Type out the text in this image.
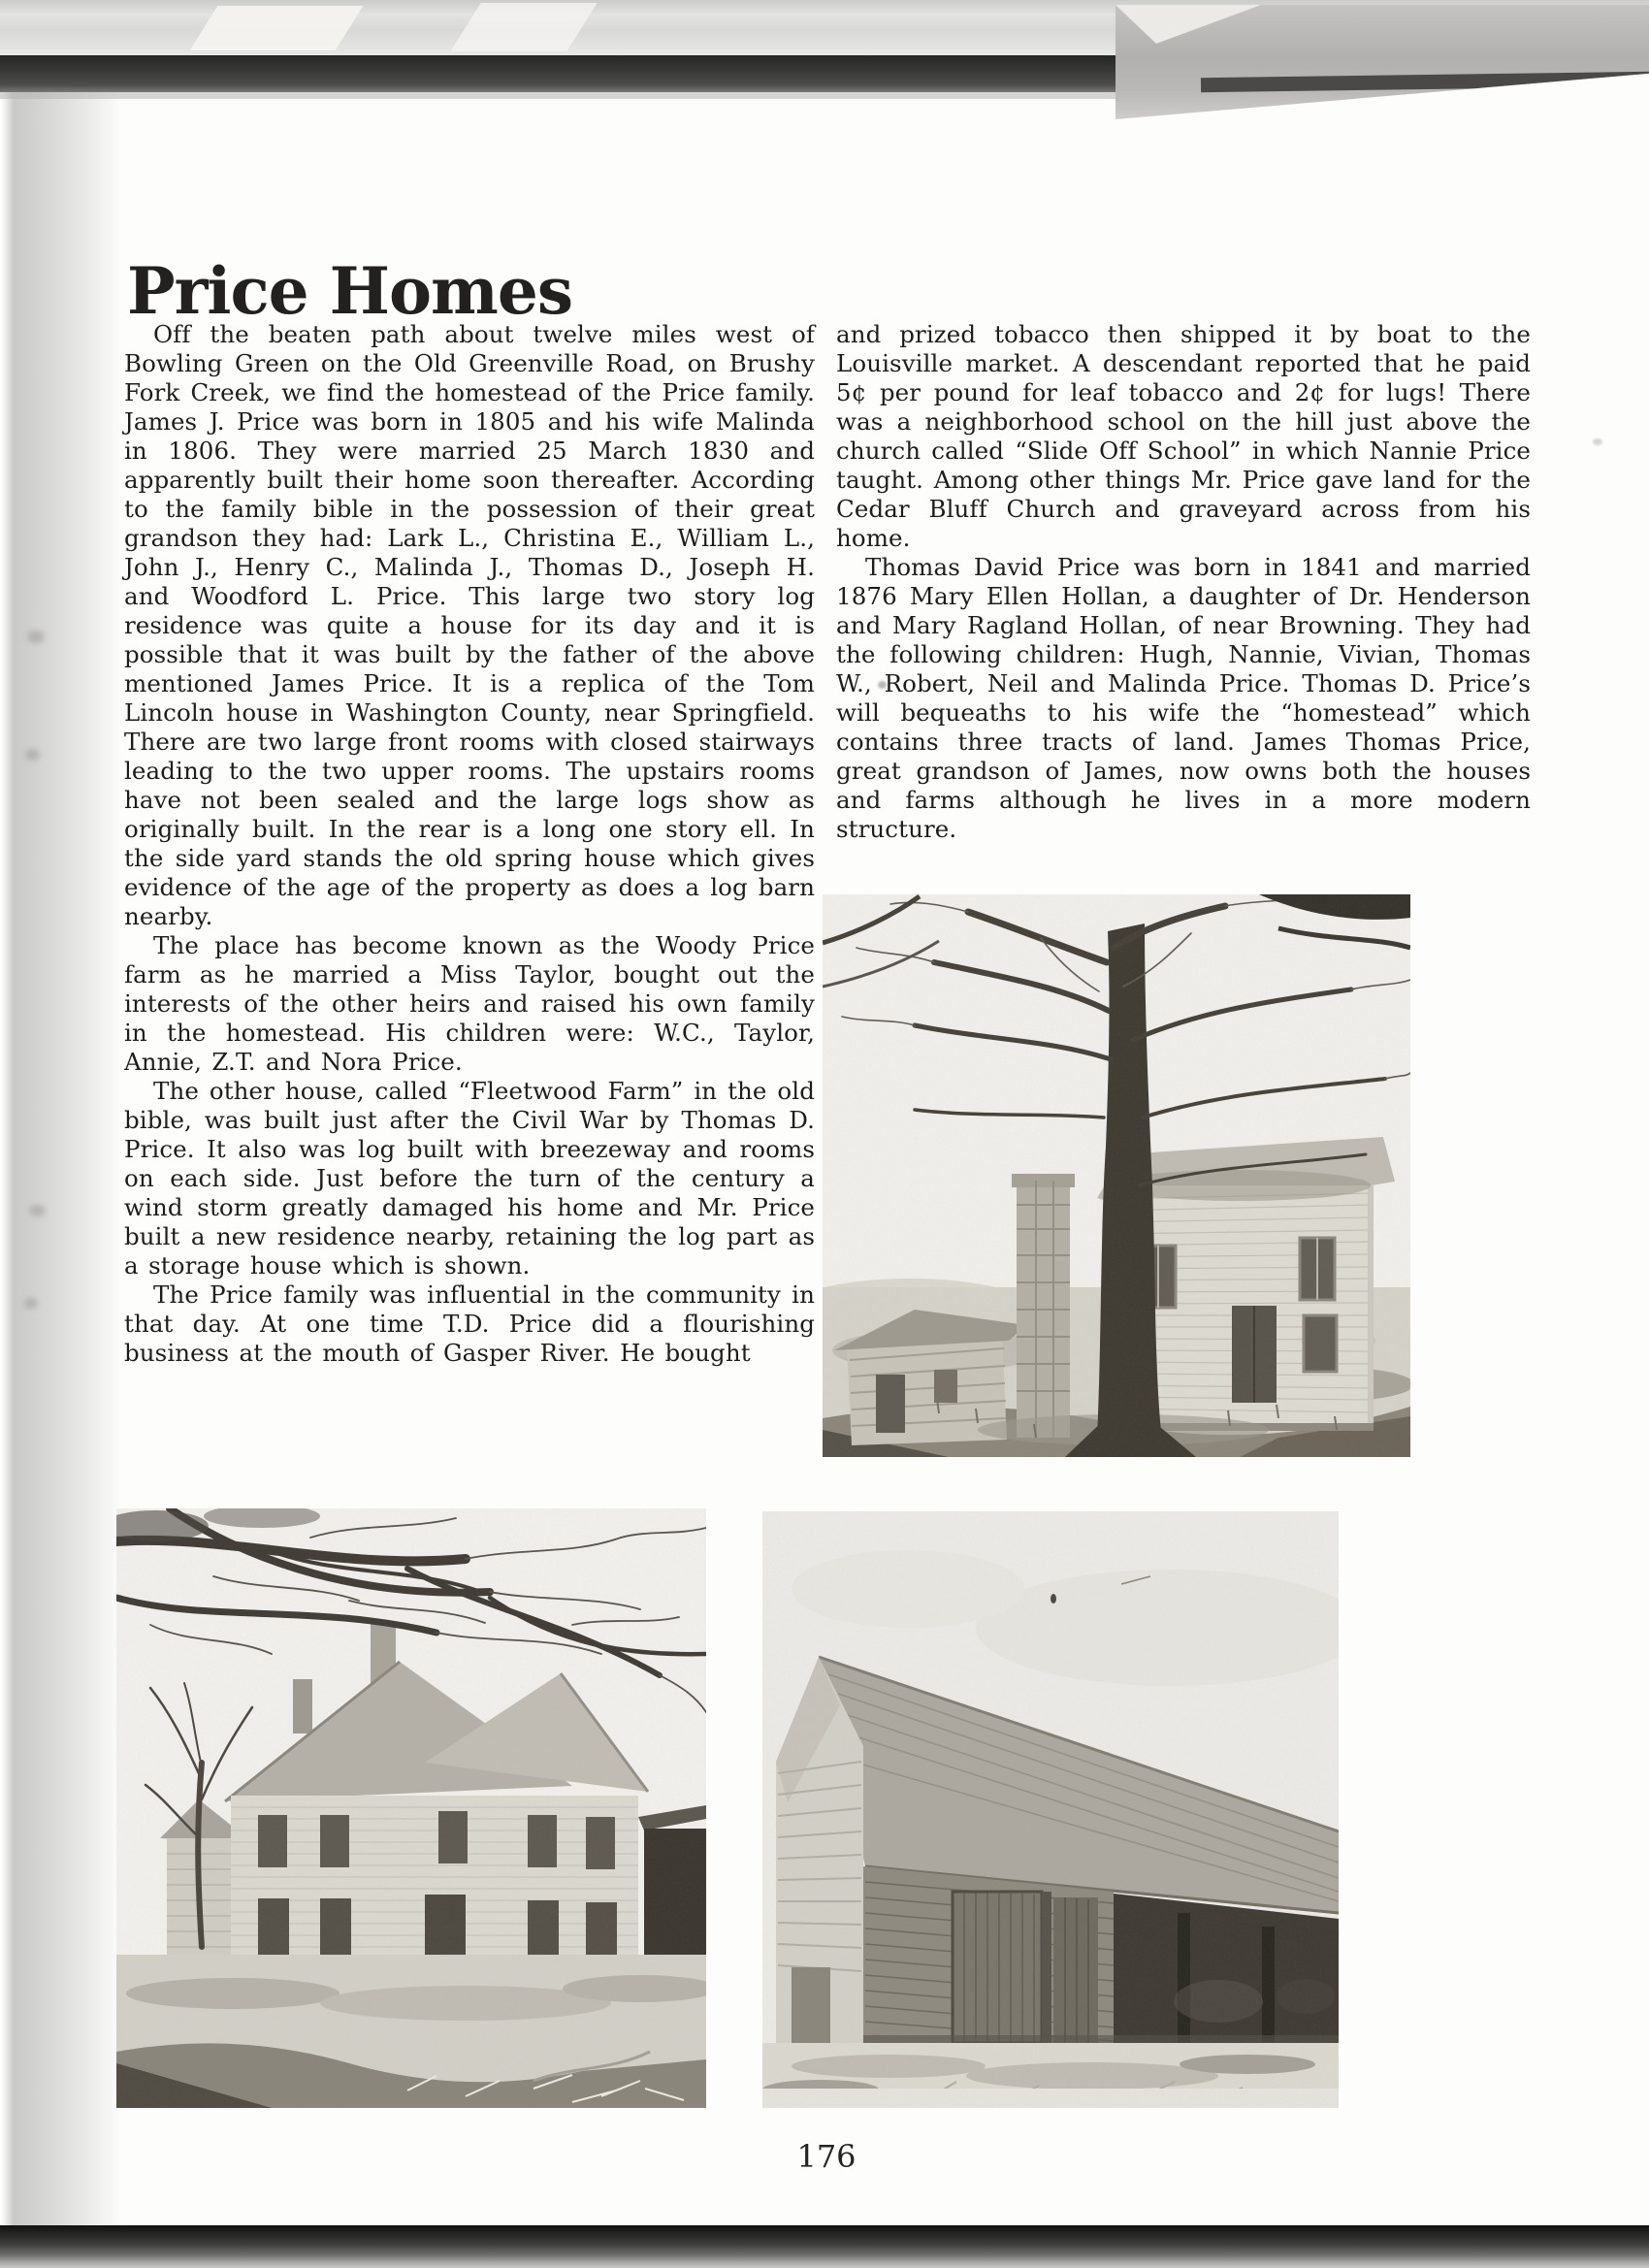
Price Homes

Off the beaten path about twelve miles west of Bowling Green on the Old Greenville Road, on Brushy Fork Creek, we find the homestead of the Price family. James J. Price was born in 1805 and his wife Malinda in 1806. They were married 25 March 1830 and apparently built their home soon thereafter. According to the family bible in the possession of their great grandson they had: Lark L., Christina E., William L., John J., Henry C., Malinda J., Thomas D., Joseph H. and Woodford L. Price. This large two story log residence was quite a house for its day and it is possible that it was built by the father of the above mentioned James Price. It is a replica of the Tom Lincoln house in Washington County, near Springfield. There are two large front rooms with closed stairways leading to the two upper rooms. The upstairs rooms have not been sealed and the large logs show as originally built. In the rear is a long one story ell. In the side yard stands the old spring house which gives evidence of the age of the property as does a log barn nearby.

The place has become known as the Woody Price farm as he married a Miss Taylor, bought out the interests of the other heirs and raised his own family in the homestead. His children were: W.C., Taylor, Annie, Z.T. and Nora Price.

The other house, called “Fleetwood Farm” in the old bible, was built just after the Civil War by Thomas D. Price. It also was log built with breezeway and rooms on each side. Just before the turn of the century a wind storm greatly damaged his home and Mr. Price built a new residence nearby, retaining the log part as a storage house which is shown.

The Price family was influential in the community in that day. At one time T.D. Price did a flourishing business at the mouth of Gasper River. He bought

and prized tobacco then shipped it by boat to the Louisville market. A descendant reported that he paid 5¢ per pound for leaf tobacco and 2¢ for lugs! There was a neighborhood school on the hill just above the church called “Slide Off School” in which Nannie Price taught. Among other things Mr. Price gave land for the Cedar Bluff Church and graveyard across from his home.

Thomas David Price was born in 1841 and married 1876 Mary Ellen Hollan, a daughter of Dr. Henderson and Mary Ragland Hollan, of near Browning. They had the following children: Hugh, Nannie, Vivian, Thomas W., Robert, Neil and Malinda Price. Thomas D. Price’s will bequeaths to his wife the “homestead” which contains three tracts of land. James Thomas Price, great grandson of James, now owns both the houses and farms although he lives in a more modern structure.

176
